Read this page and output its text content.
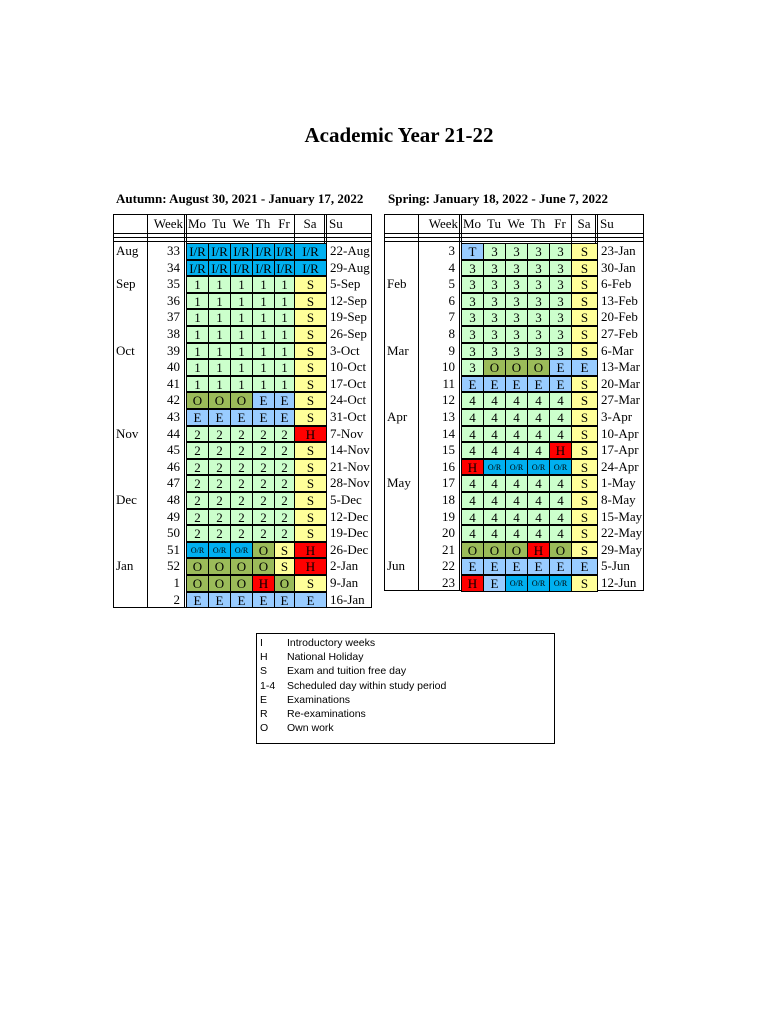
Academic Year 21-22
Autumn: August 30, 2021 - January 17, 2022 Spring: January 18, 2022 - June 7, 2022
Week Mo Tu We Th Fr	Sa Su
Aug	33 I/R I/R I/R I/R I/R I/R 22-Aug
34 I/R I/R I/R I/R I/R I/R 29-Aug
Sep	35	1	1	1	1	1	S	5-Sep
36	1	1	1	1	1	S	12-Sep
37	1	1	1	1	1	S	19-Sep
38	1	1	1	1	1	S	26-Sep
Oct	39	1	1	1	1	1	S	3-Oct
40	1	1	1	1	1	S	10-Oct
41	1	1	1	1	1	S	17-Oct
42 O O O	E	E	S	24-Oct
43	E	E	E	E	E	S	31-Oct
Nov	44	2	2	2	2	2	H	7-Nov
45	2	2	2	2	2	S	14-Nov
46	2	2	2	2	2	S	21-Nov
47	2	2	2	2	2	S	28-Nov
Dec	48	2	2	2	2	2	S	5-Dec
49	2	2	2	2	2	S	12-Dec
50	2	2	2	2	2	S	19-Dec
51	O/R	O/R	O/R O S	H	26-Dec
Jan	52 O O O O S	H	2-Jan
1 O O O H O	S	9-Jan
2	E	E	E	E	E	E	16-Jan
Week Mo Tu We Th Fr Sa Su
3	T	3	3	3	3	S 23-Jan
4	3	3	3	3	3	S 30-Jan
Feb	5	3	3	3	3	3	S 6-Feb
6	3	3	3	3	3	S 13-Feb
7	3	3	3	3	3	S 20-Feb
8	3	3	3	3	3	S 27-Feb
Mar	9	3	3	3	3	3	S 6-Mar
10	3	O O O	E	E 13-Mar
11	E	E	E	E	E	S 20-Mar
12	4	4	4	4	4	S 27-Mar
Apr	13	4	4	4	4	4	S 3-Apr
14	4	4	4	4	4	S 10-Apr
15	4	4	4	4	H	S 17-Apr
16 H	O/R	O/R	O/R	O/R	S 24-Apr
May	17	4	4	4	4	4	S 1-May
18	4	4	4	4	4	S 8-May
19	4	4	4	4	4	S 15-May
20	4	4	4	4	4	S 22-May
21 O O O H O	S 29-May
Jun	22	E	E	E	E	E	E 5-Jun
23 H	E	O/R	O/R	O/R	S 12-Jun
I Introductory weeks
H National Holiday
S Exam and tuition free day
1-4 Scheduled day within study period
E Examinations
R Re-examinations
O Own work
